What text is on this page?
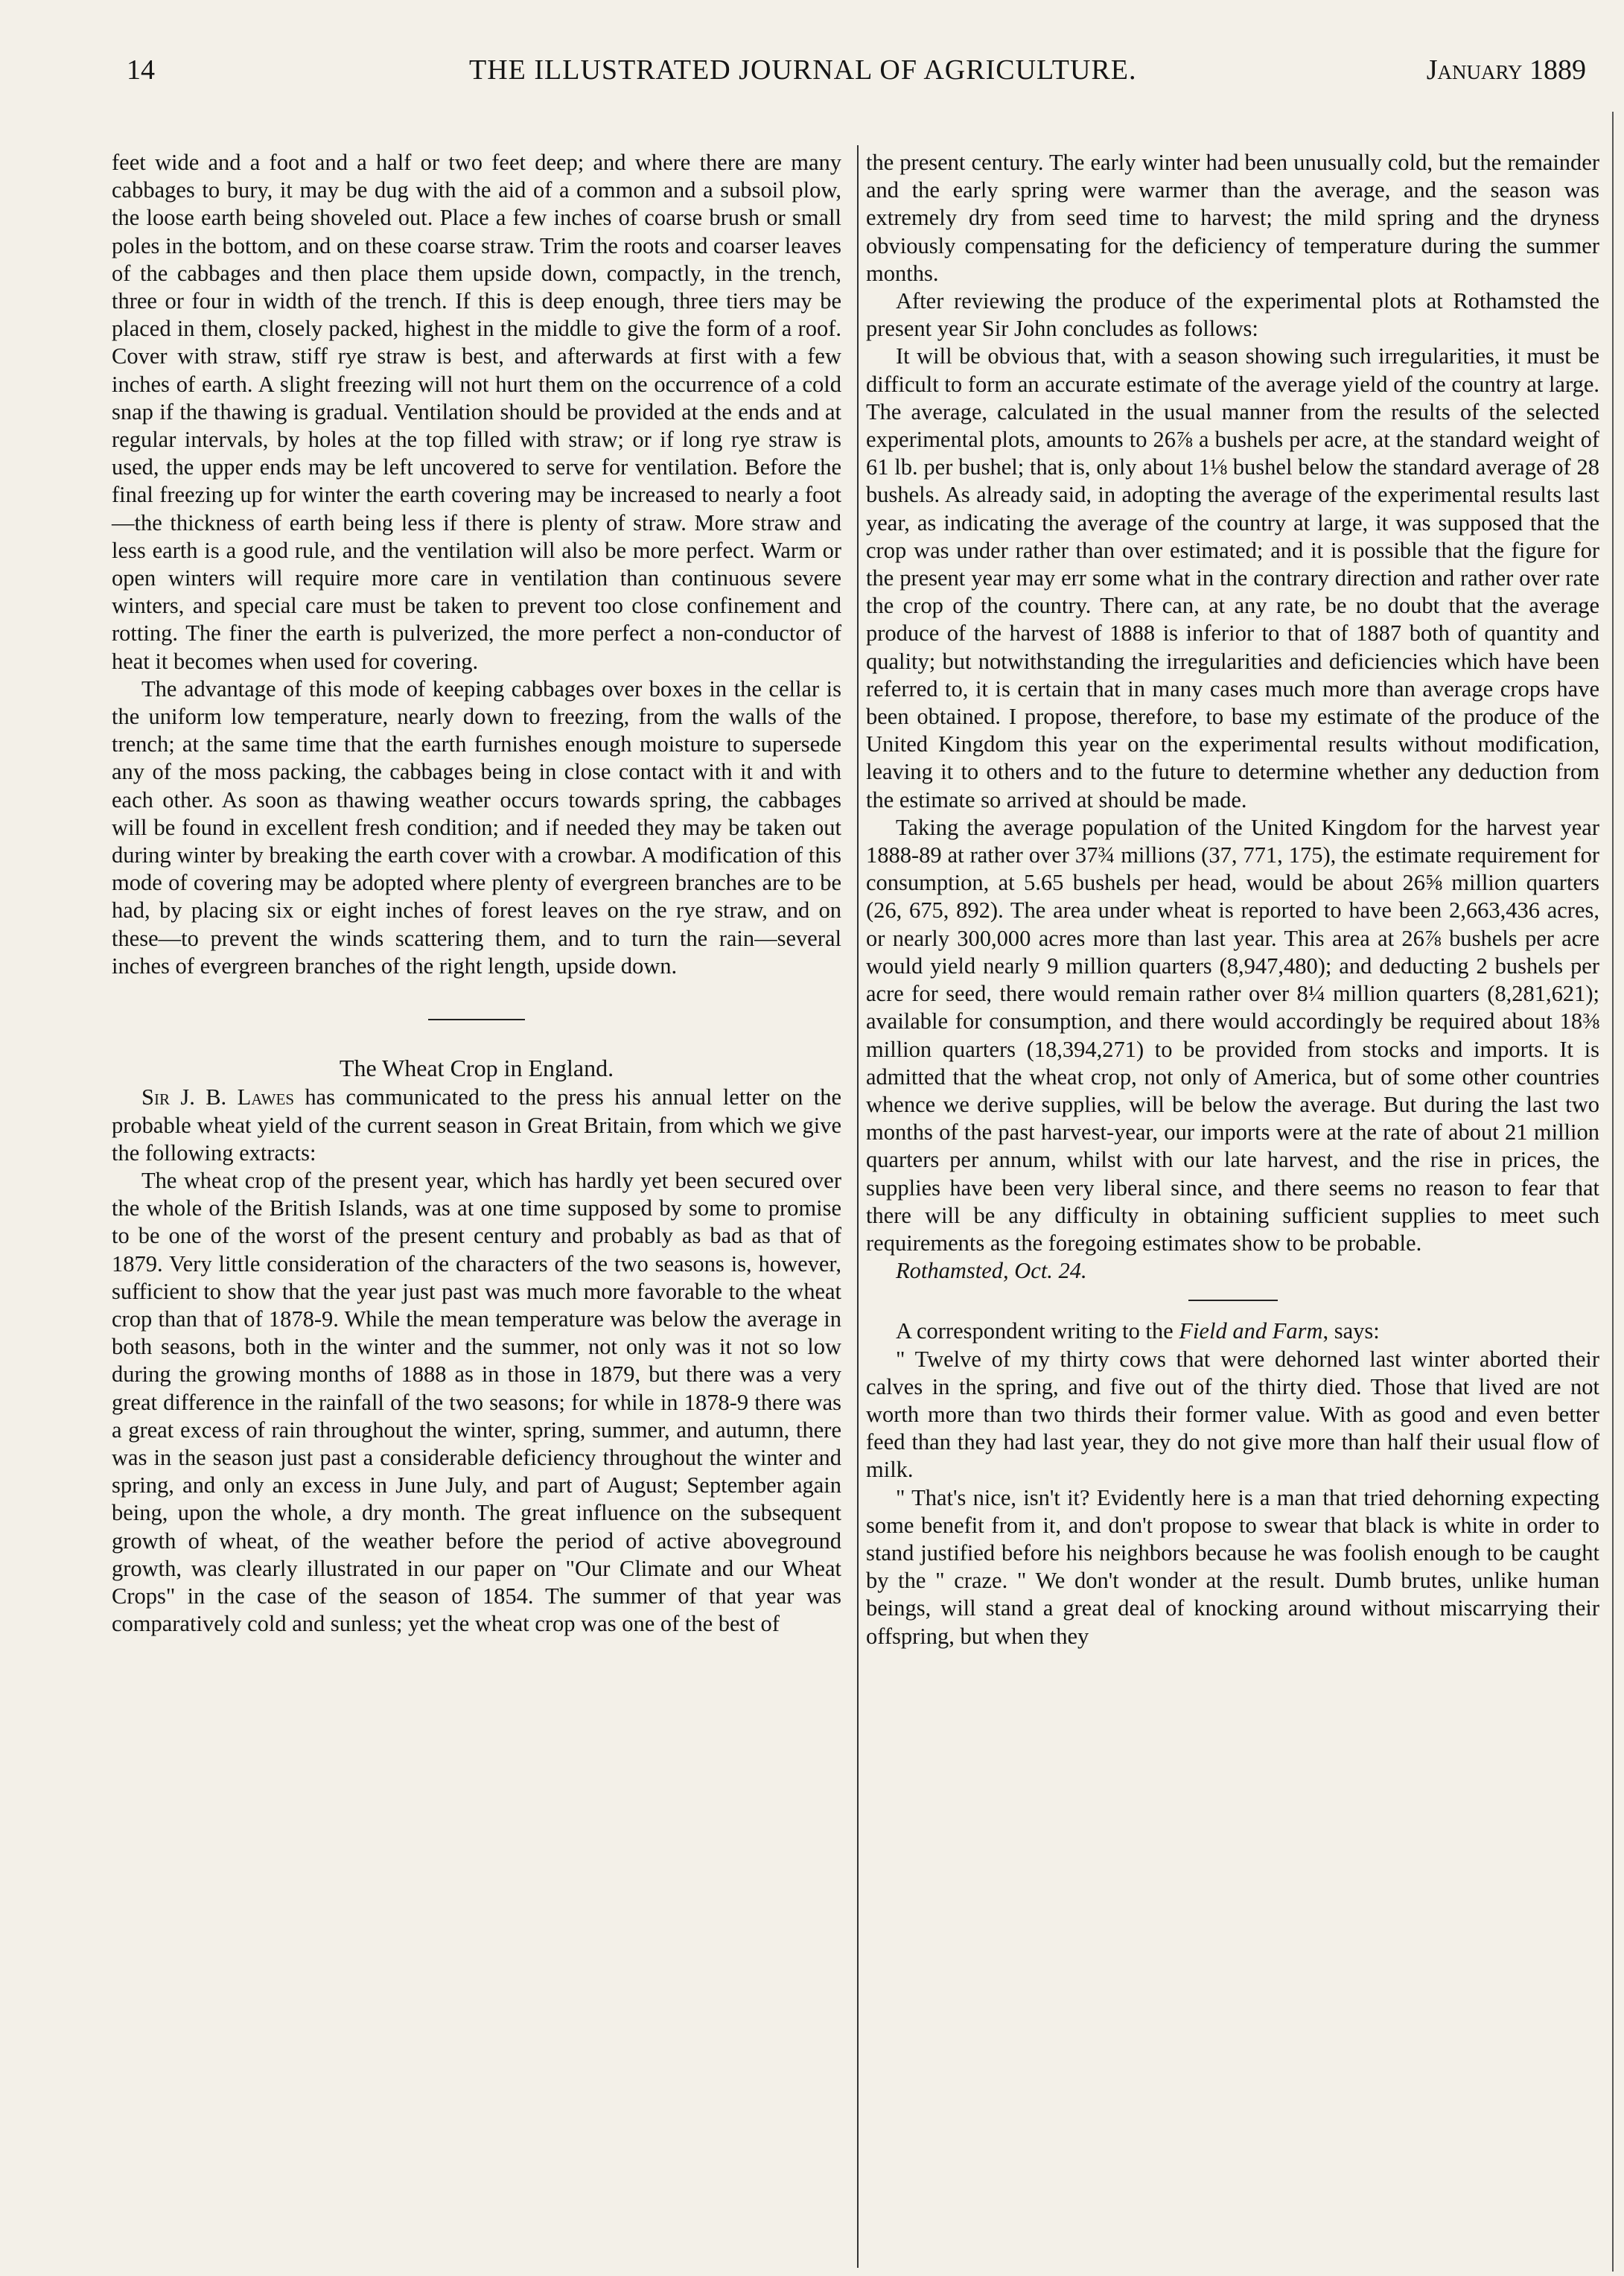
14	THE ILLUSTRATED JOURNAL OF AGRICULTURE.	January 1889

feet wide and a foot and a half or two feet deep; and where there are many cabbages to bury, it may be dug with the aid of a common and a subsoil plow, the loose earth being shoveled out. Place a few inches of coarse brush or small poles in the bottom, and on these coarse straw. Trim the roots and coarser leaves of the cabbages and then place them upside down, compactly, in the trench, three or four in width of the trench. If this is deep enough, three tiers may be placed in them, closely packed, highest in the middle to give the form of a roof. Cover with straw, stiff rye straw is best, and afterwards at first with a few inches of earth. A slight freezing will not hurt them on the occurrence of a cold snap if the thawing is gradual. Ventilation should be provided at the ends and at regular intervals, by holes at the top filled with straw; or if long rye straw is used, the upper ends may be left uncovered to serve for ventilation. Before the final freezing up for winter the earth covering may be increased to nearly a foot—the thickness of earth being less if there is plenty of straw. More straw and less earth is a good rule, and the ventilation will also be more perfect. Warm or open winters will require more care in ventilation than continuous severe winters, and special care must be taken to prevent too close confinement and rotting. The finer the earth is pulverized, the more perfect a non-conductor of heat it becomes when used for covering.

The advantage of this mode of keeping cabbages over boxes in the cellar is the uniform low temperature, nearly down to freezing, from the walls of the trench; at the same time that the earth furnishes enough moisture to supersede any of the moss packing, the cabbages being in close contact with it and with each other. As soon as thawing weather occurs towards spring, the cabbages will be found in excellent fresh condition; and if needed they may be taken out during winter by breaking the earth cover with a crowbar. A modification of this mode of covering may be adopted where plenty of evergreen branches are to be had, by placing six or eight inches of forest leaves on the rye straw, and on these—to prevent the winds scattering them, and to turn the rain—several inches of evergreen branches of the right length, upside down.

The Wheat Crop in England.

Sir J. B. Lawes has communicated to the press his annual letter on the probable wheat yield of the current season in Great Britain, from which we give the following extracts:

The wheat crop of the present year, which has hardly yet been secured over the whole of the British Islands, was at one time supposed by some to promise to be one of the worst of the present century and probably as bad as that of 1879. Very little consideration of the characters of the two seasons is, however, sufficient to show that the year just past was much more favorable to the wheat crop than that of 1878-9. While the mean temperature was below the average in both seasons, both in the winter and the summer, not only was it not so low during the growing months of 1888 as in those in 1879, but there was a very great difference in the rainfall of the two seasons; for while in 1878-9 there was a great excess of rain throughout the winter, spring, summer, and autumn, there was in the season just past a considerable deficiency throughout the winter and spring, and only an excess in June July, and part of August; September again being, upon the whole, a dry month. The great influence on the subsequent growth of wheat, of the weather before the period of active aboveground growth, was clearly illustrated in our paper on "Our Climate and our Wheat Crops" in the case of the season of 1854. The summer of that year was comparatively cold and sunless; yet the wheat crop was one of the best of

the present century. The early winter had been unusually cold, but the remainder and the early spring were warmer than the average, and the season was extremely dry from seed time to harvest; the mild spring and the dryness obviously compensating for the deficiency of temperature during the summer months.

After reviewing the produce of the experimental plots at Rothamsted the present year Sir John concludes as follows:

It will be obvious that, with a season showing such irregularities, it must be difficult to form an accurate estimate of the average yield of the country at large. The average, calculated in the usual manner from the results of the selected experimental plots, amounts to 26⅞ a bushels per acre, at the standard weight of 61 lb. per bushel; that is, only about 1⅛ bushel below the standard average of 28 bushels. As already said, in adopting the average of the experimental results last year, as indicating the average of the country at large, it was supposed that the crop was under rather than over estimated; and it is possible that the figure for the present year may err some what in the contrary direction and rather over rate the crop of the country. There can, at any rate, be no doubt that the average produce of the harvest of 1888 is inferior to that of 1887 both of quantity and quality; but notwithstanding the irregularities and deficiencies which have been referred to, it is certain that in many cases much more than average crops have been obtained. I propose, therefore, to base my estimate of the produce of the United Kingdom this year on the experimental results without modification, leaving it to others and to the future to determine whether any deduction from the estimate so arrived at should be made.

Taking the average population of the United Kingdom for the harvest year 1888-89 at rather over 37¾ millions (37, 771, 175), the estimate requirement for consumption, at 5.65 bushels per head, would be about 26⅝ million quarters (26, 675, 892). The area under wheat is reported to have been 2,663,436 acres, or nearly 300,000 acres more than last year. This area at 26⅞ bushels per acre would yield nearly 9 million quarters (8,947,480); and deducting 2 bushels per acre for seed, there would remain rather over 8¼ million quarters (8,281,621); available for consumption, and there would accordingly be required about 18⅜ million quarters (18,394,271) to be provided from stocks and imports. It is admitted that the wheat crop, not only of America, but of some other countries whence we derive supplies, will be below the average. But during the last two months of the past harvest-year, our imports were at the rate of about 21 million quarters per annum, whilst with our late harvest, and the rise in prices, the supplies have been very liberal since, and there seems no reason to fear that there will be any difficulty in obtaining sufficient supplies to meet such requirements as the foregoing estimates show to be probable.

Rothamsted, Oct. 24.

A correspondent writing to the Field and Farm, says:

" Twelve of my thirty cows that were dehorned last winter aborted their calves in the spring, and five out of the thirty died. Those that lived are not worth more than two thirds their former value. With as good and even better feed than they had last year, they do not give more than half their usual flow of milk.

" That's nice, isn't it? Evidently here is a man that tried dehorning expecting some benefit from it, and don't propose to swear that black is white in order to stand justified before his neighbors because he was foolish enough to be caught by the " craze. " We don't wonder at the result. Dumb brutes, unlike human beings, will stand a great deal of knocking around without miscarrying their offspring, but when they
